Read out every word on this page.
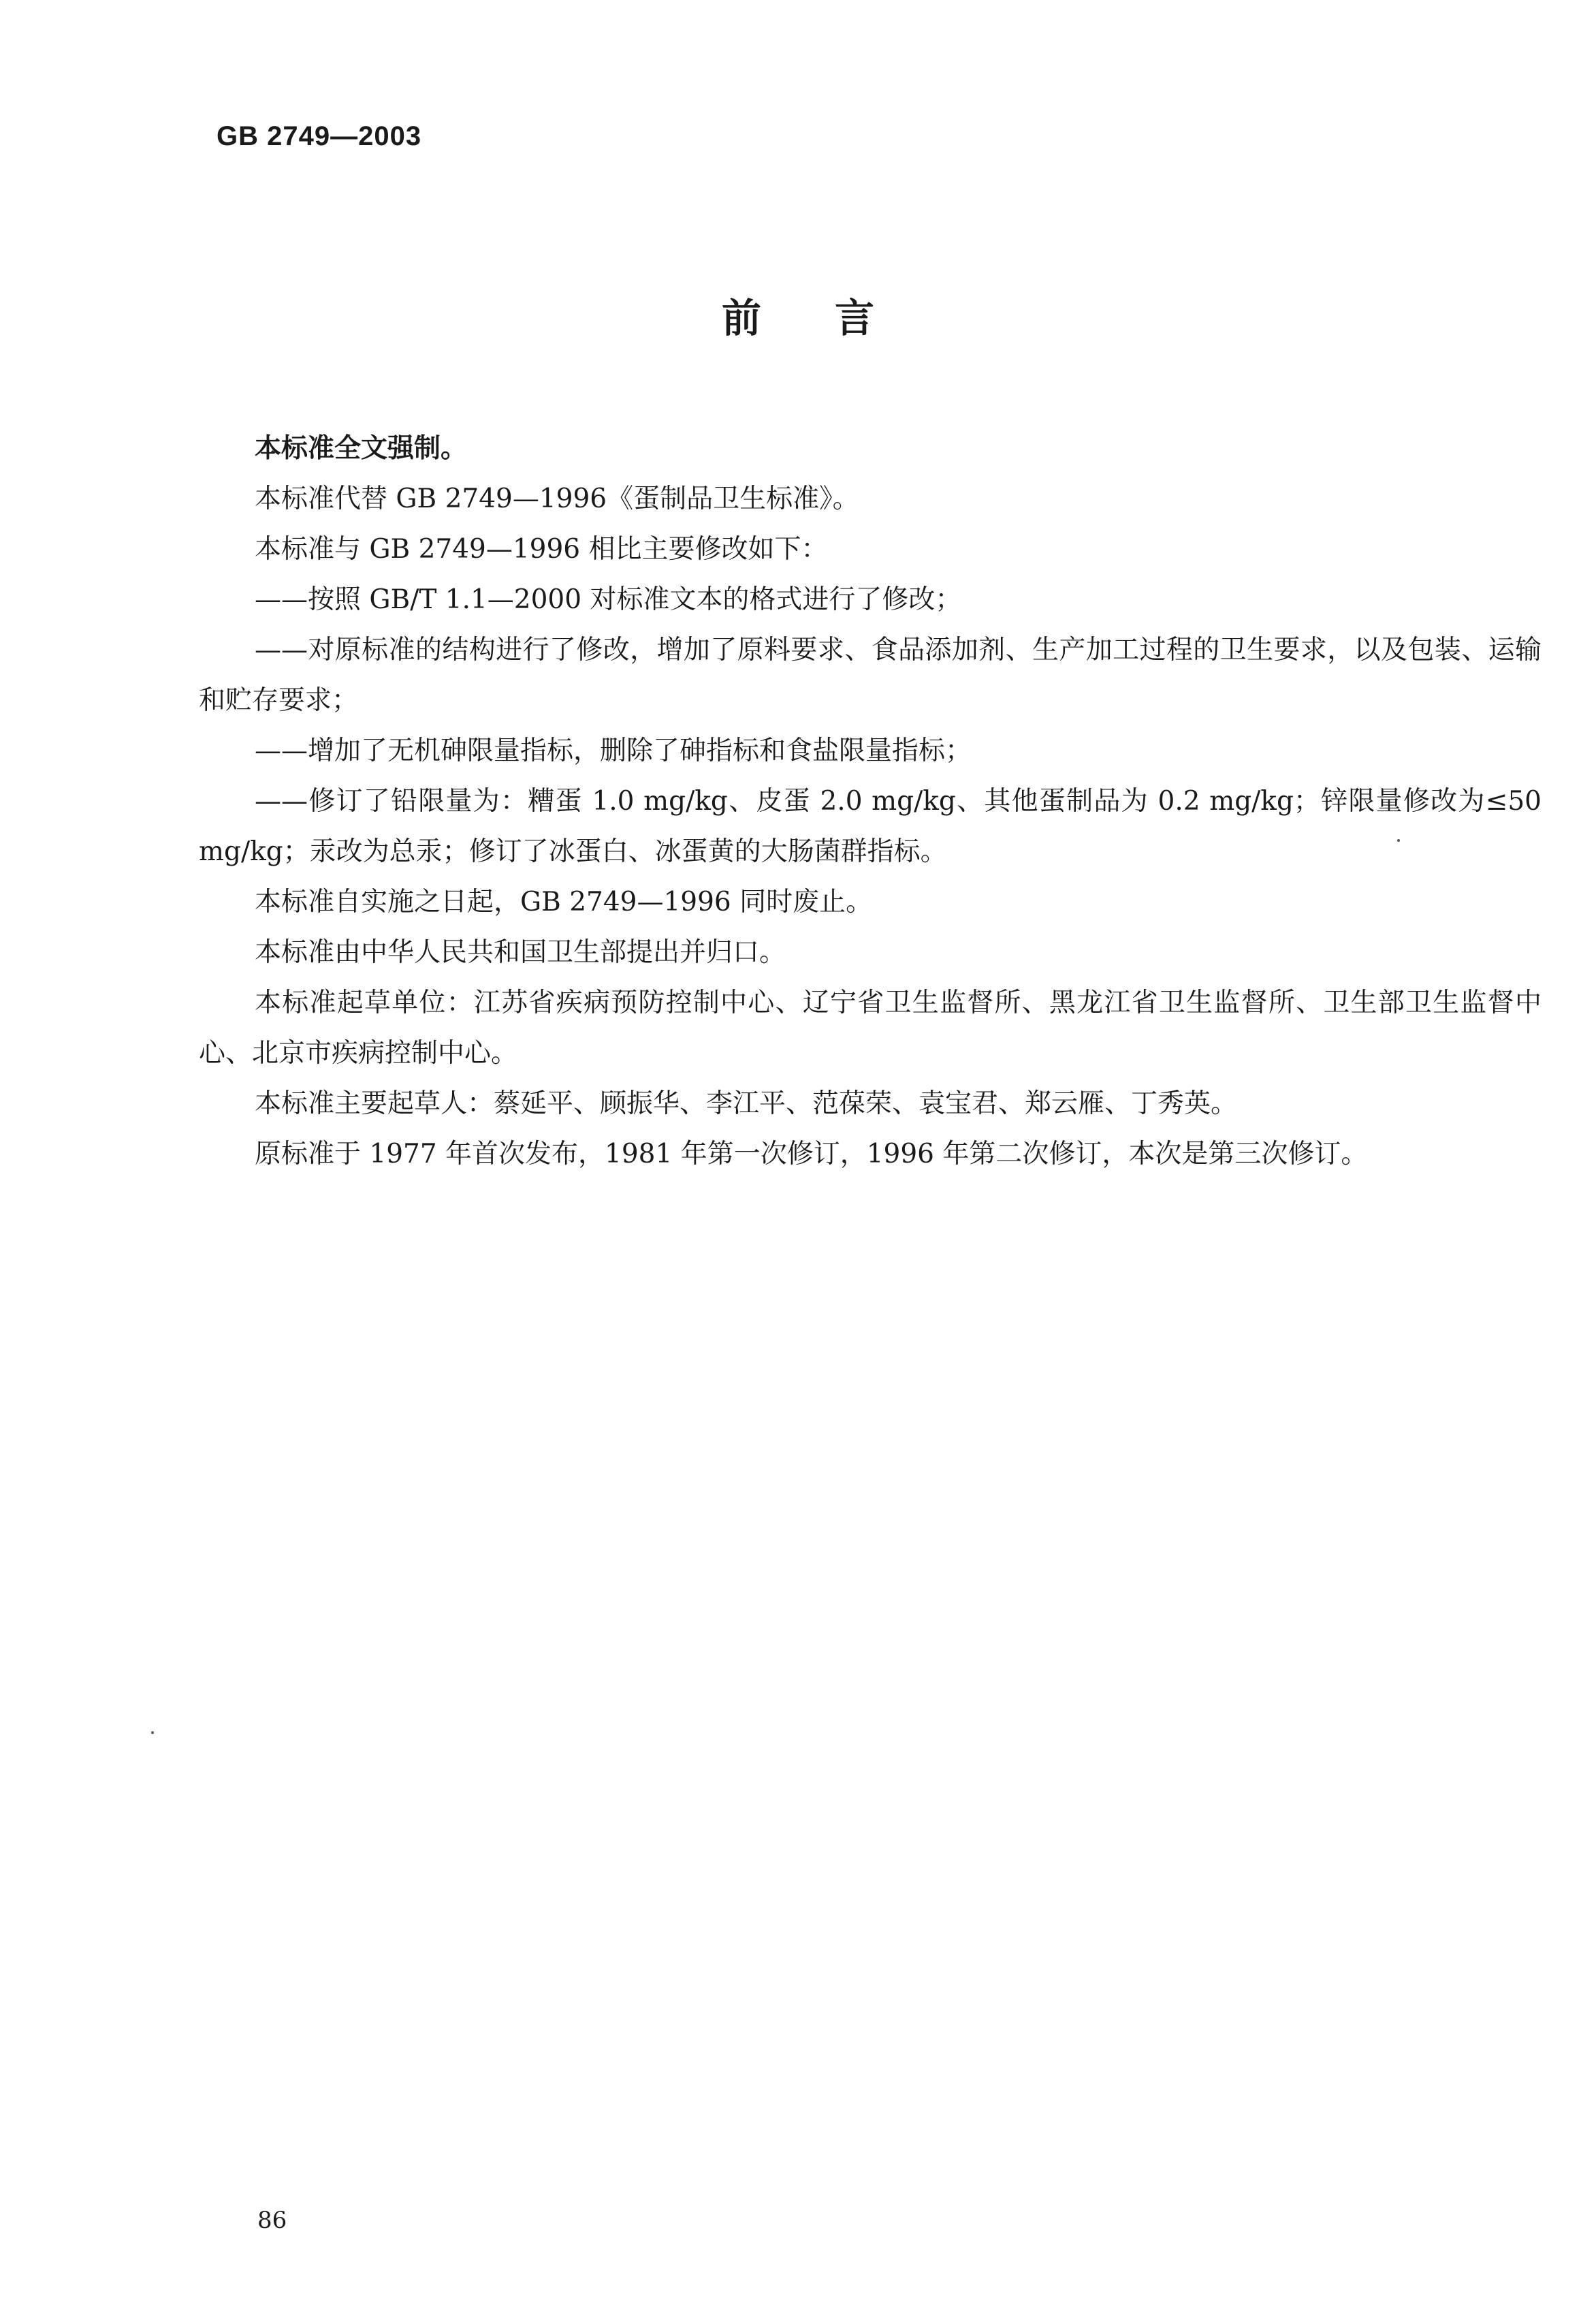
GB 2749—2003
前 言

本标准全文强制。

本标准代替 GB 2749—1996《蛋制品卫生标准》。

本标准与 GB 2749—1996 相比主要修改如下：

——按照 GB/T 1.1—2000 对标准文本的格式进行了修改；

——对原标准的结构进行了修改，增加了原料要求、食品添加剂、生产加工过程的卫生要求，以及包装、运输和贮存要求；

——增加了无机砷限量指标，删除了砷指标和食盐限量指标；

——修订了铅限量为：糟蛋 1.0 mg/kg、皮蛋 2.0 mg/kg、其他蛋制品为 0.2 mg/kg；锌限量修改为≤50 mg/kg；汞改为总汞；修订了冰蛋白、冰蛋黄的大肠菌群指标。

本标准自实施之日起，GB 2749—1996 同时废止。

本标准由中华人民共和国卫生部提出并归口。

本标准起草单位：江苏省疾病预防控制中心、辽宁省卫生监督所、黑龙江省卫生监督所、卫生部卫生监督中心、北京市疾病控制中心。

本标准主要起草人：蔡延平、顾振华、李江平、范葆荣、袁宝君、郑云雁、丁秀英。

原标准于 1977 年首次发布，1981 年第一次修订，1996 年第二次修订，本次是第三次修订。

86
